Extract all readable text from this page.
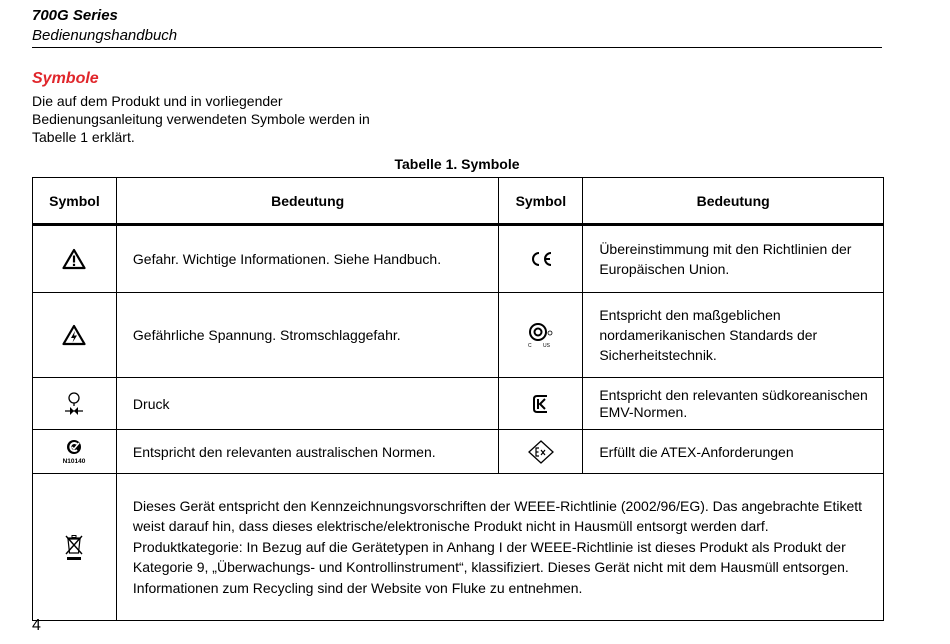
700G Series
Bedienungshandbuch
Symbole
Die auf dem Produkt und in vorliegender
Bedienungsanleitung verwendeten Symbole werden in
Tabelle 1 erklärt.
Tabelle 1. Symbole
Symbol	Bedeutung	Symbol	Bedeutung
	Gefahr. Wichtige Informationen. Siehe Handbuch.		Übereinstimmung mit den Richtlinien der Europäischen Union.
	Gefährliche Spannung. Stromschlaggefahr.	C US	Entspricht den maßgeblichen nordamerikanischen Standards der Sicherheitstechnik.
	Druck		Entspricht den relevanten südkoreanischen EMV-Normen.

N10140	Entspricht den relevanten australischen Normen.		Erfüllt die ATEX-Anforderungen
	Dieses Gerät entspricht den Kennzeichnungsvorschriften der WEEE-Richtlinie (2002/96/EG). Das angebrachte Etikett weist darauf hin, dass dieses elektrische/elektronische Produkt nicht in Hausmüll entsorgt werden darf. Produktkategorie: In Bezug auf die Gerätetypen in Anhang I der WEEE-Richtlinie ist dieses Produkt als Produkt der Kategorie 9, „Überwachungs- und Kontrollinstrument“, klassifiziert. Dieses Gerät nicht mit dem Hausmüll entsorgen. Informationen zum Recycling sind der Website von Fluke zu entnehmen.		
4
